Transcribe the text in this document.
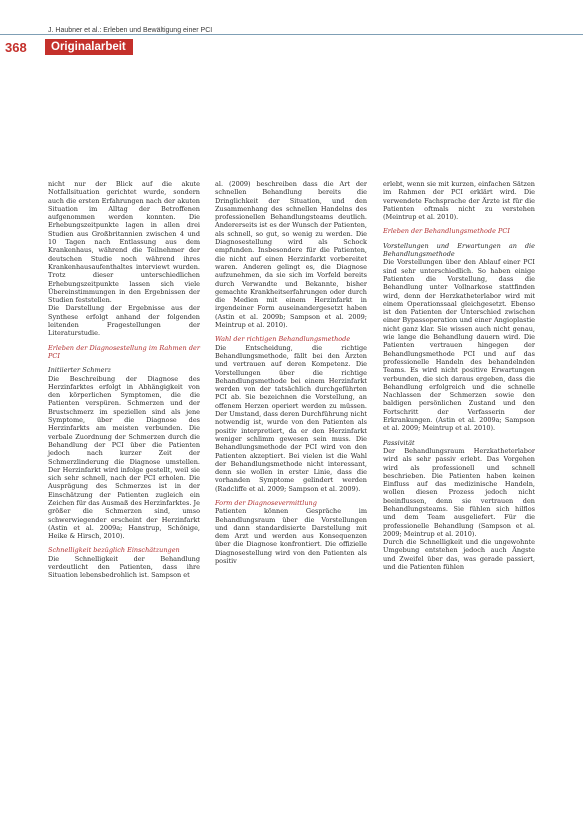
J. Haubner et al.: Erleben und Bewältigung einer PCI
368	Originalarbeit

nicht nur der Blick auf die akute Notfallsituation gerichtet wurde, sondern auch die ersten Erfahrungen nach der akuten Situation im Alltag der Betroffenen aufgenommen werden konnten. Die Erhebungszeitpunkte lagen in allen drei Studien aus Großbritannien zwischen 4 und 10 Tagen nach Entlassung aus dem Krankenhaus, während die Teilnehmer der deutschen Studie noch während ihres Krankenhausaufenthaltes interviewt wurden. Trotz dieser unterschiedlichen Erhebungszeitpunkte lassen sich viele Übereinstimmungen in den Ergebnissen der Studien feststellen.

Die Darstellung der Ergebnisse aus der Synthese erfolgt anhand der folgenden leitenden Fragestellungen der Literaturstudie.

Erleben der Diagnosestellung im Rahmen der PCI

Initiierter Schmerz

Die Beschreibung der Diagnose des Herzinfarktes erfolgt in Abhängigkeit von den körperlichen Symptomen, die die Patienten verspüren. Schmerzen und der Brustschmerz im speziellen sind als jene Symptome, über die Diagnose des Herzinfarkts am meisten verbunden. Die verbale Zuordnung der Schmerzen durch die Behandlung der PCI über die Patienten jedoch nach kurzer Zeit der Schmerzlinderung die Diagnose umstellen. Der Herzinfarkt wird infolge gestellt, weil sie sich sehr schnell, nach der PCI erholen. Die Ausprägung des Schmerzes ist in der Einschätzung der Patienten zugleich ein Zeichen für das Ausmaß des Herzinfarktes. Je größer die Schmerzen sind, umso schwerwiegender erscheint der Herzinfarkt (Astin et al. 2009a; Hanstrup, Schönige, Heike & Hirsch, 2010).

Schnelligkeit bezüglich Einschätzungen

Die Schnelligkeit der Behandlung verdeutlicht den Patienten, dass ihre Situation lebensbedrohlich ist. Sampson et

al. (2009) beschreiben dass die Art der schnellen Behandlung bereits die Dringlichkeit der Situation, und den Zusammenhang des schnellen Handelns des professionellen Behandlungsteams deutlich. Andererseits ist es der Wunsch der Patienten, als schnell, so gut, so wenig zu werden. Die Diagnosestellung wird als Schock empfunden. Insbesondere für die Patienten, die nicht auf einen Herzinfarkt vorbereitet waren. Anderen gelingt es, die Diagnose aufzunehmen, da sie sich im Vorfeld bereits durch Verwandte und Bekannte, bisher gemachte Krankheitserfahrungen oder durch die Medien mit einem Herzinfarkt in irgendeiner Form auseinandergesetzt haben (Astin et al. 2009b; Sampson et al. 2009; Meintrup et al. 2010).

Wahl der richtigen Behandlungsmethode

Die Entscheidung, die richtige Behandlungsmethode, fällt bei den Ärzten und vertrauen auf deren Kompetenz. Die Vorstellungen über die richtige Behandlungsmethode bei einem Herzinfarkt werden von der tatsächlich durchgeführten PCI ab. Sie bezeichnen die Vorstellung, an offenem Herzen operiert werden zu müssen. Der Umstand, dass deren Durchführung nicht notwendig ist, wurde von den Patienten als positiv interpretiert, da er den Herzinfarkt weniger schlimm gewesen sein muss. Die Behandlungsmethode der PCI wird von den Patienten akzeptiert. Bei vielen ist die Wahl der Behandlungsmethode nicht interessant, denn sie wollen in erster Linie, dass die vorhanden Symptome gelindert werden (Radcliffe et al. 2009; Sampson et al. 2009).

Form der Diagnosevermittlung

Patienten können Gespräche im Behandlungsraum über die Vorstellungen und dann standardisierte Darstellung mit dem Arzt und werden aus Konsequenzen über die Diagnose konfrontiert. Die offizielle Diagnosestellung wird von den Patienten als positiv

erlebt, wenn sie mit kurzen, einfachen Sätzen im Rahmen der PCI erklärt wird. Die verwendete Fachsprache der Ärzte ist für die Patienten oftmals nicht zu verstehen (Meintrup et al. 2010).

Erleben der Behandlungsmethode PCI

Vorstellungen und Erwartungen an die Behandlungsmethode

Die Vorstellungen über den Ablauf einer PCI sind sehr unterschiedlich. So haben einige Patienten die Vorstellung, dass die Behandlung unter Vollnarkose stattfinden wird, denn der Herzkatheterlabor wird mit einem Operationssaal gleichgesetzt. Ebenso ist den Patienten der Unterschied zwischen einer Bypassoperation und einer Angioplastie nicht ganz klar. Sie wissen auch nicht genau, wie lange die Behandlung dauern wird. Die Patienten vertrauen hingegen der Behandlungsmethode PCI und auf das professionelle Handeln des behandelnden Teams. Es wird nicht positive Erwartungen verbunden, die sich daraus ergeben, dass die Behandlung erfolgreich und die schnelle Nachlassen der Schmerzen sowie den baldigen persönlichen Zustand und den Fortschritt der Verfasserin der Erkrankungen. (Astin et al. 2009a; Sampson et al. 2009; Meintrup et al. 2010).

Passivität

Der Behandlungsraum Herzkatheterlabor wird als sehr passiv erlebt. Das Vorgehen wird als professionell und schnell beschrieben. Die Patienten haben keinen Einfluss auf das medizinische Handeln, wollen diesen Prozess jedoch nicht beeinflussen, denn sie vertrauen den Behandlungsteams. Sie fühlen sich hilflos und dem Team ausgeliefert. Für die professionelle Behandlung (Sampson et al. 2009; Meintrup et al. 2010).

Durch die Schnelligkeit und die ungewohnte Umgebung entstehen jedoch auch Ängste und Zweifel über das, was gerade passiert, und die Patienten fühlen
